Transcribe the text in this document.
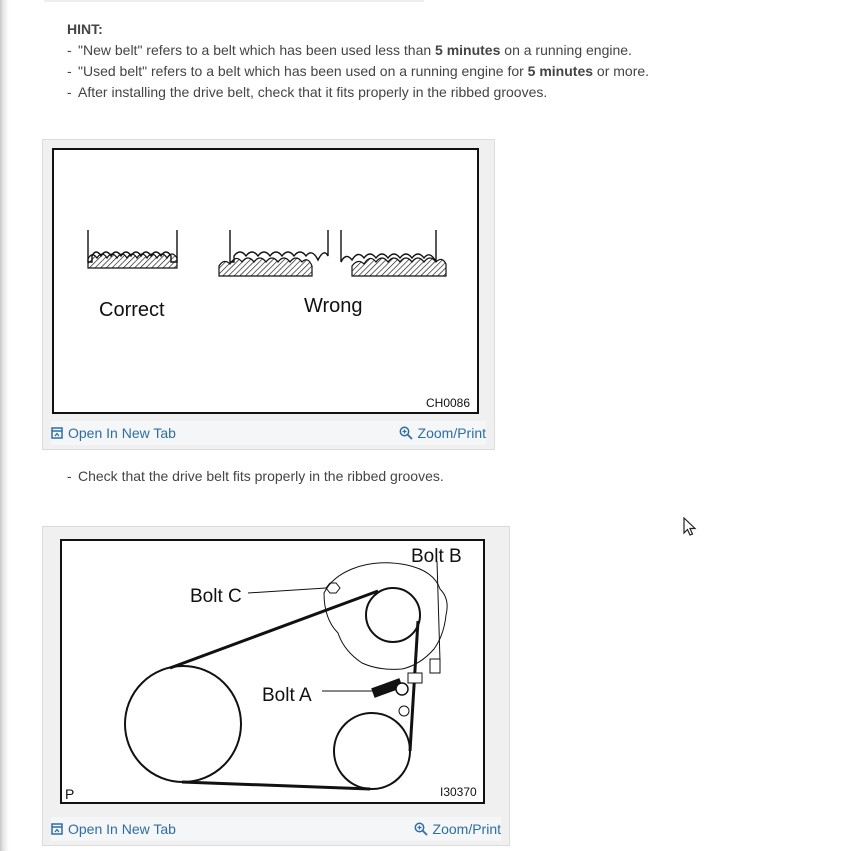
HINT:
- "New belt" refers to a belt which has been used less than 5 minutes on a running engine.
- "Used belt" refers to a belt which has been used on a running engine for 5 minutes or more.
- After installing the drive belt, check that it fits properly in the ribbed grooves.
Correct	Wrong
CH0086
Open In New Tab	Zoom/Print
- Check that the drive belt fits properly in the ribbed grooves.
Bolt B
Bolt C
Bolt A
P	I30370
Open In New Tab	Zoom/Print
